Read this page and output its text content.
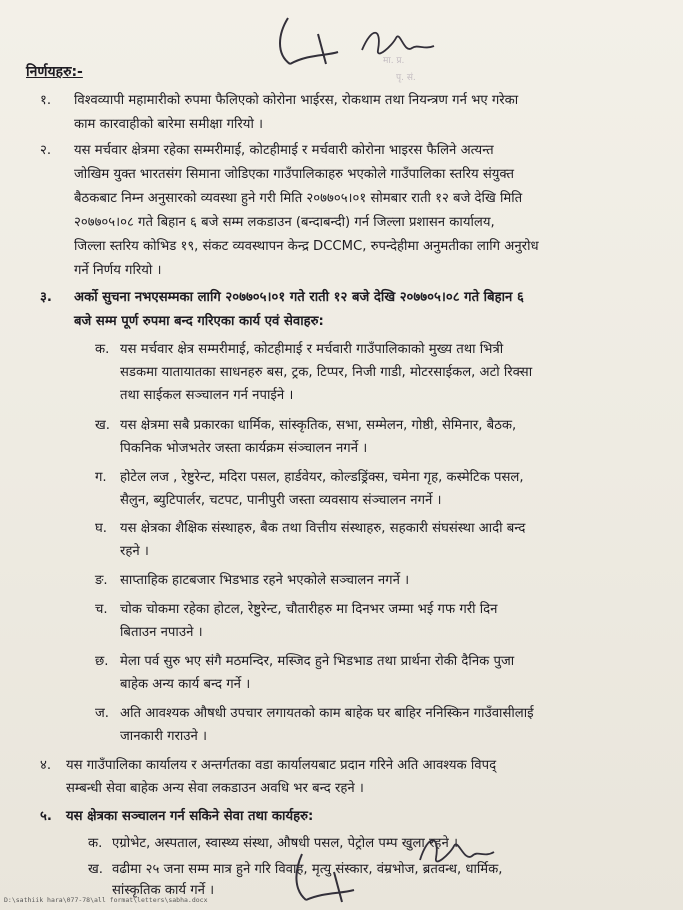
मा. प्र.
पृ. सं.
निर्णयहरु:-
१. विश्वव्यापी महामारीको रुपमा फैलिएको कोरोना भाईरस, रोकथाम तथा नियन्त्रण गर्न भए गरेका
काम कारवाहीको बारेमा समीक्षा गरियो ।
२. यस मर्चवार क्षेत्रमा रहेका सम्मरीमाई, कोटहीमाई र मर्चवारी कोरोना भाइरस फैलिने अत्यन्त
जोखिम युक्त भारतसंग सिमाना जोडिएका गाउँपालिकाहरु भएकोले गाउँपालिका स्तरिय संयुक्त
बैठकबाट निम्न अनुसारको व्यवस्था हुने गरी मिति २०७७०५।०१ सोमबार राती १२ बजे देखि मिति
२०७७०५।०८ गते बिहान ६ बजे सम्म लकडाउन (बन्दाबन्दी) गर्न जिल्ला प्रशासन कार्यालय,
जिल्ला स्तरिय कोभिड १९, संकट व्यवस्थापन केन्द्र DCCMC, रुपन्देहीमा अनुमतीका लागि अनुरोध
गर्ने निर्णय गरियो ।
३. अर्को सुचना नभएसम्मका लागि २०७७०५।०१ गते राती १२ बजे देखि २०७७०५।०८ गते बिहान ६
बजे सम्म पूर्ण रुपमा बन्द गरिएका कार्य एवं सेवाहरु:
क. यस मर्चवार क्षेत्र सम्मरीमाई, कोटहीमाई र मर्चवारी गाउँपालिकाको मुख्य तथा भित्री
सडकमा यातायातका साधनहरु बस, ट्रक, टिप्पर, निजी गाडी, मोटरसाईकल, अटो रिक्सा
तथा साईकल सञ्चालन गर्न नपाईने ।
ख. यस क्षेत्रमा सबै प्रकारका धार्मिक, सांस्कृतिक, सभा, सम्मेलन, गोष्ठी, सेमिनार, बैठक,
पिकनिक भोजभतेर जस्ता कार्यक्रम संञ्चालन नगर्ने ।
ग. होटेल लज , रेष्टुरेन्ट, मदिरा पसल, हार्डवेयर, कोल्डड्रिंक्स, चमेना गृह, कस्मेटिक पसल,
सैलुन, ब्युटिपार्लर, चटपट, पानीपुरी जस्ता व्यवसाय संञ्चालन नगर्ने ।
घ. यस क्षेत्रका शैक्षिक संस्थाहरु, बैक तथा वित्तीय संस्थाहरु, सहकारी संघसंस्था आदी बन्द
रहने ।
ङ. साप्ताहिक हाटबजार भिडभाड रहने भएकोले सञ्चालन नगर्ने ।
च. चोक चोकमा रहेका होटल, रेष्टुरेन्ट, चौतारीहरु मा दिनभर जम्मा भई गफ गरी दिन
बिताउन नपाउने ।
छ. मेला पर्व सुरु भए संगै मठमन्दिर, मस्जिद हुने भिडभाड तथा प्रार्थना रोकी दैनिक पुजा
बाहेक अन्य कार्य बन्द गर्ने ।
ज. अति आवश्यक औषधी उपचार लगायतको काम बाहेक घर बाहिर ननिस्किन गाउँवासीलाई
जानकारी गराउने ।
४. यस गाउँपालिका कार्यालय र अन्तर्गतका वडा कार्यालयबाट प्रदान गरिने अति आवश्यक विपद्
सम्बन्धी सेवा बाहेक अन्य सेवा लकडाउन अवधि भर बन्द रहने ।
५. यस क्षेत्रका सञ्चालन गर्न सकिने सेवा तथा कार्यहरु:
क. एग्रोभेट, अस्पताल, स्वास्थ्य संस्था, औषधी पसल, पेट्रोल पम्प खुला रहने ।
ख. वढीमा २५ जना सम्म मात्र हुने गरि विवाह, मृत्यु संस्कार, वंम्रभोज, ब्रतवन्ध, धार्मिक,
सांस्कृतिक कार्य गर्ने ।
D:\sathiik hara\077-78\all format\letters\sabha.docx
